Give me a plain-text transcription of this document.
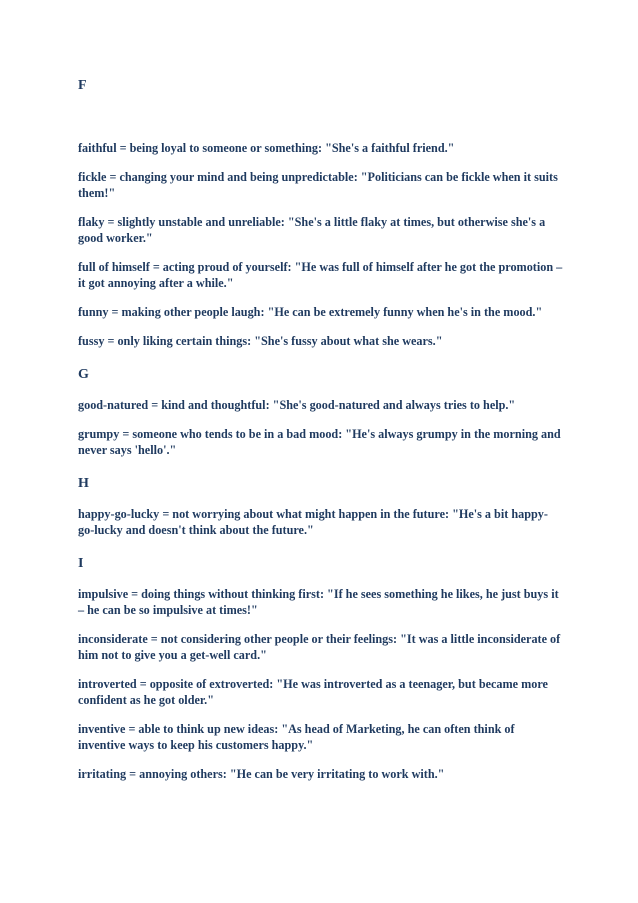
F

faithful = being loyal to someone or something: "She's a faithful friend."

fickle = changing your mind and being unpredictable: "Politicians can be fickle when it suits them!"

flaky = slightly unstable and unreliable: "She's a little flaky at times, but otherwise she's a good worker."

full of himself = acting proud of yourself: "He was full of himself after he got the promotion – it got annoying after a while."

funny = making other people laugh: "He can be extremely funny when he's in the mood."

fussy = only liking certain things: "She's fussy about what she wears."

G

good-natured = kind and thoughtful: "She's good-natured and always tries to help."

grumpy = someone who tends to be in a bad mood: "He's always grumpy in the morning and never says 'hello'."

H

happy-go-lucky = not worrying about what might happen in the future: "He's a bit happy-go-lucky and doesn't think about the future."

I

impulsive = doing things without thinking first: "If he sees something he likes, he just buys it – he can be so impulsive at times!"

inconsiderate = not considering other people or their feelings: "It was a little inconsiderate of him not to give you a get-well card."

introverted = opposite of extroverted: "He was introverted as a teenager, but became more confident as he got older."

inventive = able to think up new ideas: "As head of Marketing, he can often think of inventive ways to keep his customers happy."

irritating = annoying others: "He can be very irritating to work with."
